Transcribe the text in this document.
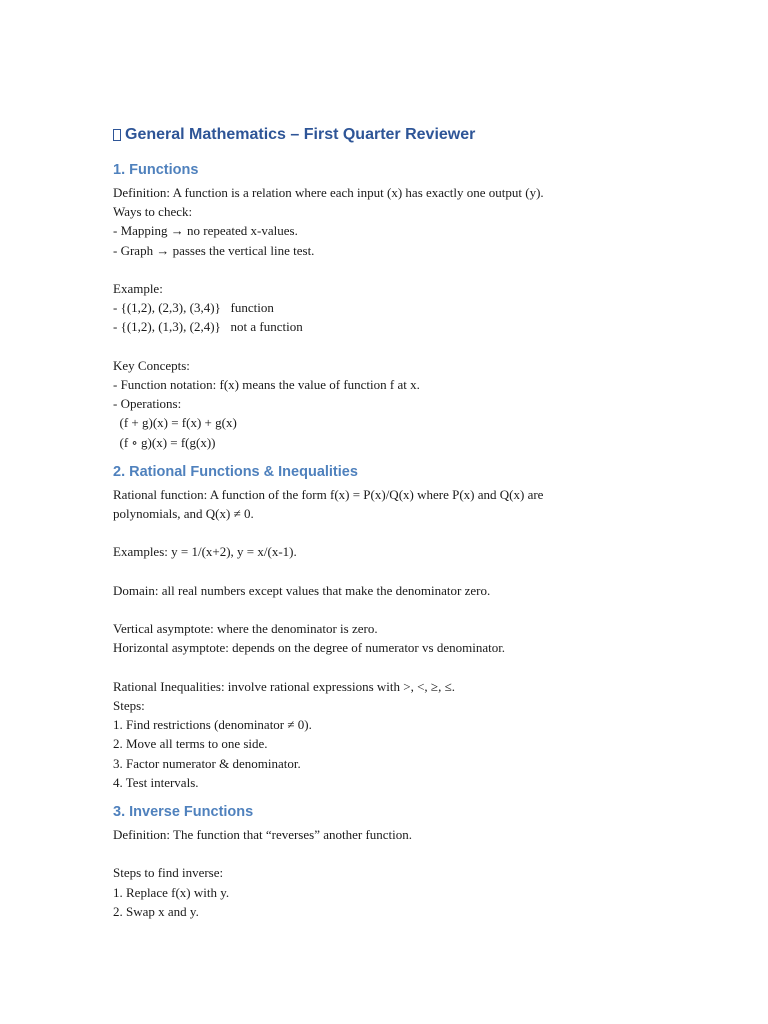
General Mathematics – First Quarter Reviewer
1. Functions
Definition: A function is a relation where each input (x) has exactly one output (y).
Ways to check:
- Mapping → no repeated x-values.
- Graph → passes the vertical line test.
Example:
- {(1,2), (2,3), (3,4)}   function
- {(1,2), (1,3), (2,4)}   not a function
Key Concepts:
- Function notation: f(x) means the value of function f at x.
- Operations:
(f + g)(x) = f(x) + g(x)
(f ∘ g)(x) = f(g(x))
2. Rational Functions & Inequalities
Rational function: A function of the form f(x) = P(x)/Q(x) where P(x) and Q(x) are
polynomials, and Q(x) ≠ 0.
Examples: y = 1/(x+2), y = x/(x-1).
Domain: all real numbers except values that make the denominator zero.
Vertical asymptote: where the denominator is zero.
Horizontal asymptote: depends on the degree of numerator vs denominator.
Rational Inequalities: involve rational expressions with >, <, ≥, ≤.
Steps:
1. Find restrictions (denominator ≠ 0).
2. Move all terms to one side.
3. Factor numerator & denominator.
4. Test intervals.
3. Inverse Functions
Definition: The function that “reverses” another function.
Steps to find inverse:
1. Replace f(x) with y.
2. Swap x and y.
